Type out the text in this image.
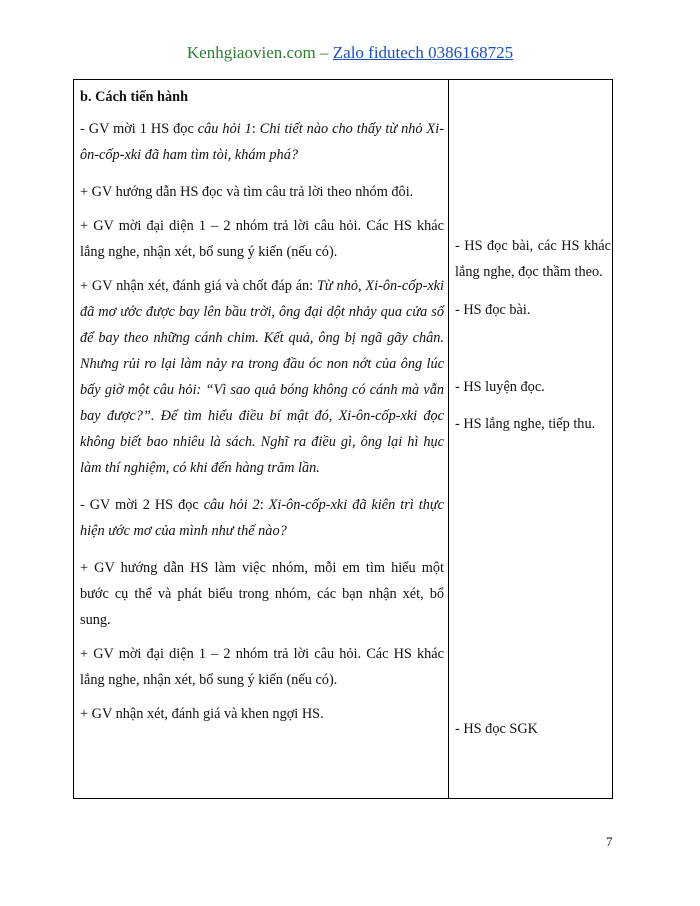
Kenhgiaovien.com – Zalo fidutech 0386168725

b. Cách tiến hành

- GV mời 1 HS đọc câu hỏi 1: Chi tiết nào cho thấy từ nhỏ Xi-ôn-cốp-xki đã ham tìm tòi, khám phá?

+ GV hướng dẫn HS đọc và tìm câu trả lời theo nhóm đôi.

+ GV mời đại diện 1 – 2 nhóm trả lời câu hỏi. Các HS khác lắng nghe, nhận xét, bổ sung ý kiến (nếu có).

+ GV nhận xét, đánh giá và chốt đáp án: Từ nhỏ, Xi-ôn-cốp-xki đã mơ ước được bay lên bầu trời, ông đại dột nhảy qua cửa sổ để bay theo những cánh chim. Kết quả, ông bị ngã gãy chân. Nhưng rủi ro lại làm nảy ra trong đầu óc non nớt của ông lúc bấy giờ một câu hỏi: “Vì sao quả bóng không có cánh mà vẫn bay được?”. Để tìm hiểu điều bí mật đó, Xi-ôn-cốp-xki đọc không biết bao nhiêu là sách. Nghĩ ra điều gì, ông lại hì hục làm thí nghiệm, có khi đến hàng trăm lần.

- GV mời 2 HS đọc câu hỏi 2: Xi-ôn-cốp-xki đã kiên trì thực hiện ước mơ của mình như thế nào?

+ GV hướng dẫn HS làm việc nhóm, mỗi em tìm hiểu một bước cụ thể và phát biểu trong nhóm, các bạn nhận xét, bổ sung.

+ GV mời đại diện 1 – 2 nhóm trả lời câu hỏi. Các HS khác lắng nghe, nhận xét, bổ sung ý kiến (nếu có).

+ GV nhận xét, đánh giá và khen ngợi HS.

- HS đọc bài, các HS khác lắng nghe, đọc thầm theo.
- HS đọc bài.
- HS luyện đọc.
- HS lắng nghe, tiếp thu.
- HS đọc SGK
7
